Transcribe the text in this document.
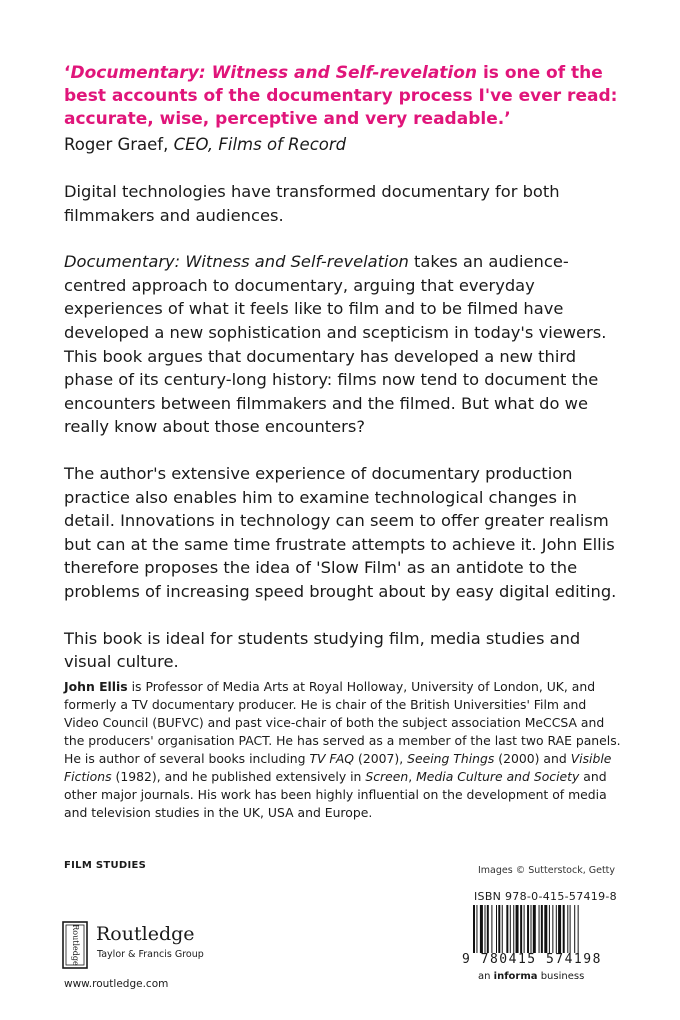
‘Documentary: Witness and Self-revelation is one of the best accounts of the documentary process I've ever read: accurate, wise, perceptive and very readable.’
Roger Graef, CEO, Films of Record

Digital technologies have transformed documentary for both filmmakers and audiences.

Documentary: Witness and Self-revelation takes an audience-centred approach to documentary, arguing that everyday experiences of what it feels like to film and to be filmed have developed a new sophistication and scepticism in today's viewers. This book argues that documentary has developed a new third phase of its century-long history: films now tend to document the encounters between filmmakers and the filmed. But what do we really know about those encounters?

The author's extensive experience of documentary production practice also enables him to examine technological changes in detail. Innovations in technology can seem to offer greater realism but can at the same time frustrate attempts to achieve it. John Ellis therefore proposes the idea of 'Slow Film' as an antidote to the problems of increasing speed brought about by easy digital editing.

This book is ideal for students studying film, media studies and visual culture.

John Ellis is Professor of Media Arts at Royal Holloway, University of London, UK, and formerly a TV documentary producer. He is chair of the British Universities' Film and Video Council (BUFVC) and past vice-chair of both the subject association MeCCSA and the producers' organisation PACT. He has served as a member of the last two RAE panels. He is author of several books including TV FAQ (2007), Seeing Things (2000) and Visible Fictions (1982), and he published extensively in Screen, Media Culture and Society and other major journals. His work has been highly influential on the development of media and television studies in the UK, USA and Europe.
FILM STUDIES	Images © Sutterstock, Getty
Routledge Routledge
Taylor & Francis Group
www.routledge.com
ISBN 978-0-415-57419-8
9 780415 574198
an informa business
